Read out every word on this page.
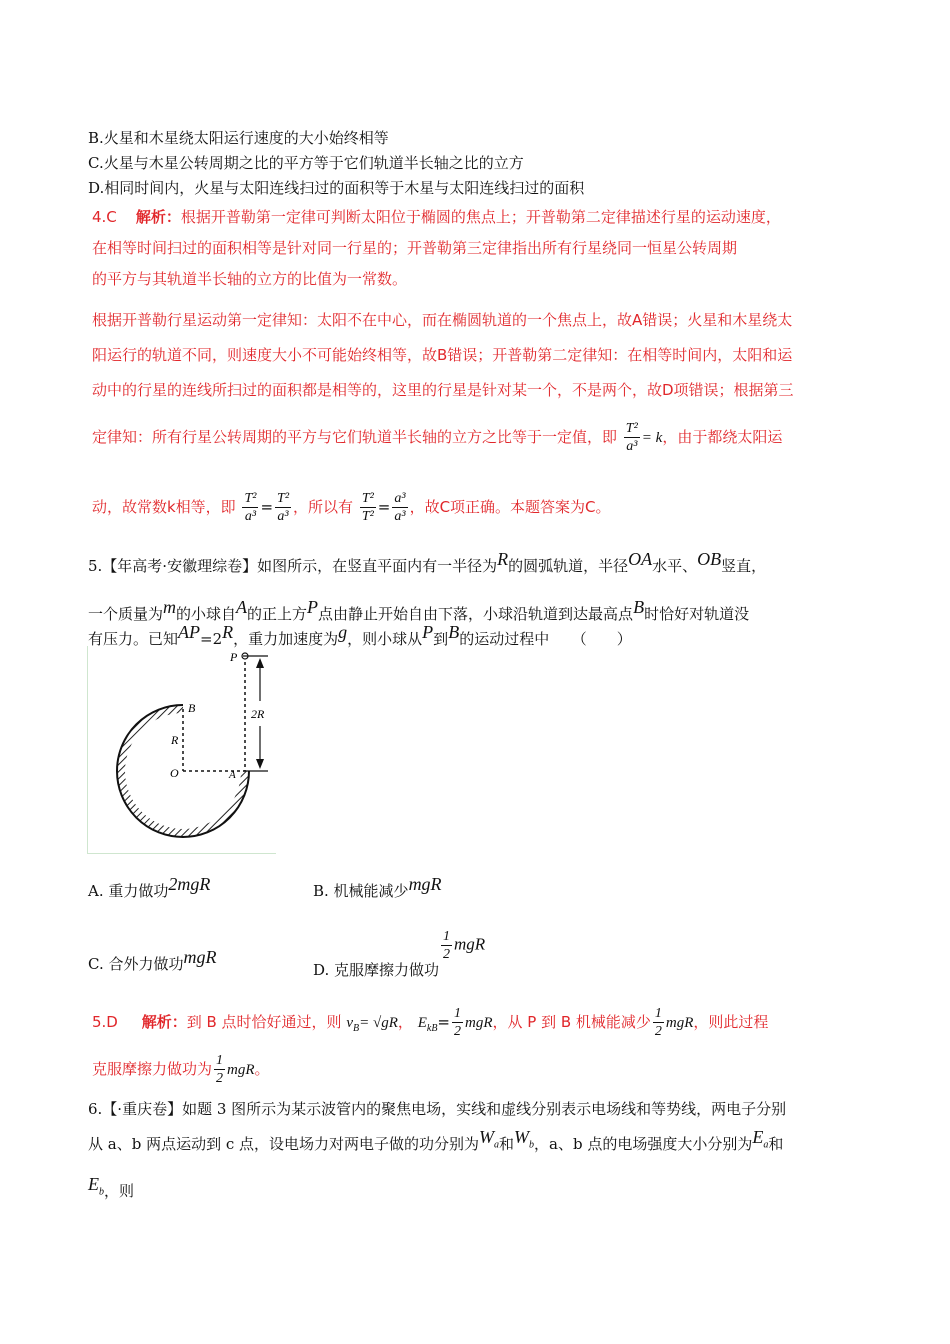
B.火星和木星绕太阳运行速度的大小始终相等
C.火星与木星公转周期之比的平方等于它们轨道半长轴之比的立方
D.相同时间内，火星与太阳连线扫过的面积等于木星与太阳连线扫过的面积
4.C 解析：根据开普勒第一定律可判断太阳位于椭圆的焦点上；开普勒第二定律描述行星的运动速度，
在相等时间扫过的面积相等是针对同一行星的；开普勒第三定律指出所有行星绕同一恒星公转周期
的平方与其轨道半长轴的立方的比值为一常数。
根据开普勒行星运动第一定律知：太阳不在中心，而在椭圆轨道的一个焦点上，故A错误；火星和木星绕太
阳运行的轨道不同，则速度大小不可能始终相等，故B错误；开普勒第二定律知：在相等时间内，太阳和运
动中的行星的连线所扫过的面积都是相等的，这里的行星是针对某一个，不是两个，故D项错误；根据第三
定律知：所有行星公转周期的平方与它们轨道半长轴的立方之比等于一定值，即 $\frac{\text{T²}}{\text{a³}} = k$，由于都绕太阳运
动，故常数k相等，即 $\frac{\text{T²}}{\text{a³}} = \frac{\text{T²}}{\text{a³}}$ ，所以有 $\frac{\text{T²}}{\text{T²}} = \frac{\text{a³}}{\text{a³}}$ ，故C项正确。本题答案为C。
5.【年高考·安徽理综卷】如图所示，在竖直平面内有一半径为R的圆弧轨道，半径OA水平、OB竖直，
一个质量为m的小球自A的正上方P点由静止开始自由下落，小球沿轨道到达最高点B时恰好对轨道没
有压力。已知AP=2R，重力加速度为g，则小球从P到B的运动过程中　　（　　）
P
2R
B
R
O	A
A. 重力做功2mgR	B. 机械能减少mgR
C. 合外力做功mgR
D. 克服摩擦力做功
$\frac{1}{2}$ mgR
5.D 解析：到 B 点时恰好通过，则 $v_B= √gR$， $E_{kB}= \frac{1}{2}$ mgR，从 P 到 B 机械能减少 $\frac{1}{2}$ mgR，则此过程
克服摩擦力做功为 $\frac{1}{2}$ mgR。
6.【·重庆卷】如题 3 图所示为某示波管内的聚焦电场，实线和虚线分别表示电场线和等势线，两电子分别
从 a、b 两点运动到 c 点，设电场力对两电子做的功分别为$W_a$和$W_b$，a、b 点的电场强度大小分别为$E_a$和
$E_b$，则
